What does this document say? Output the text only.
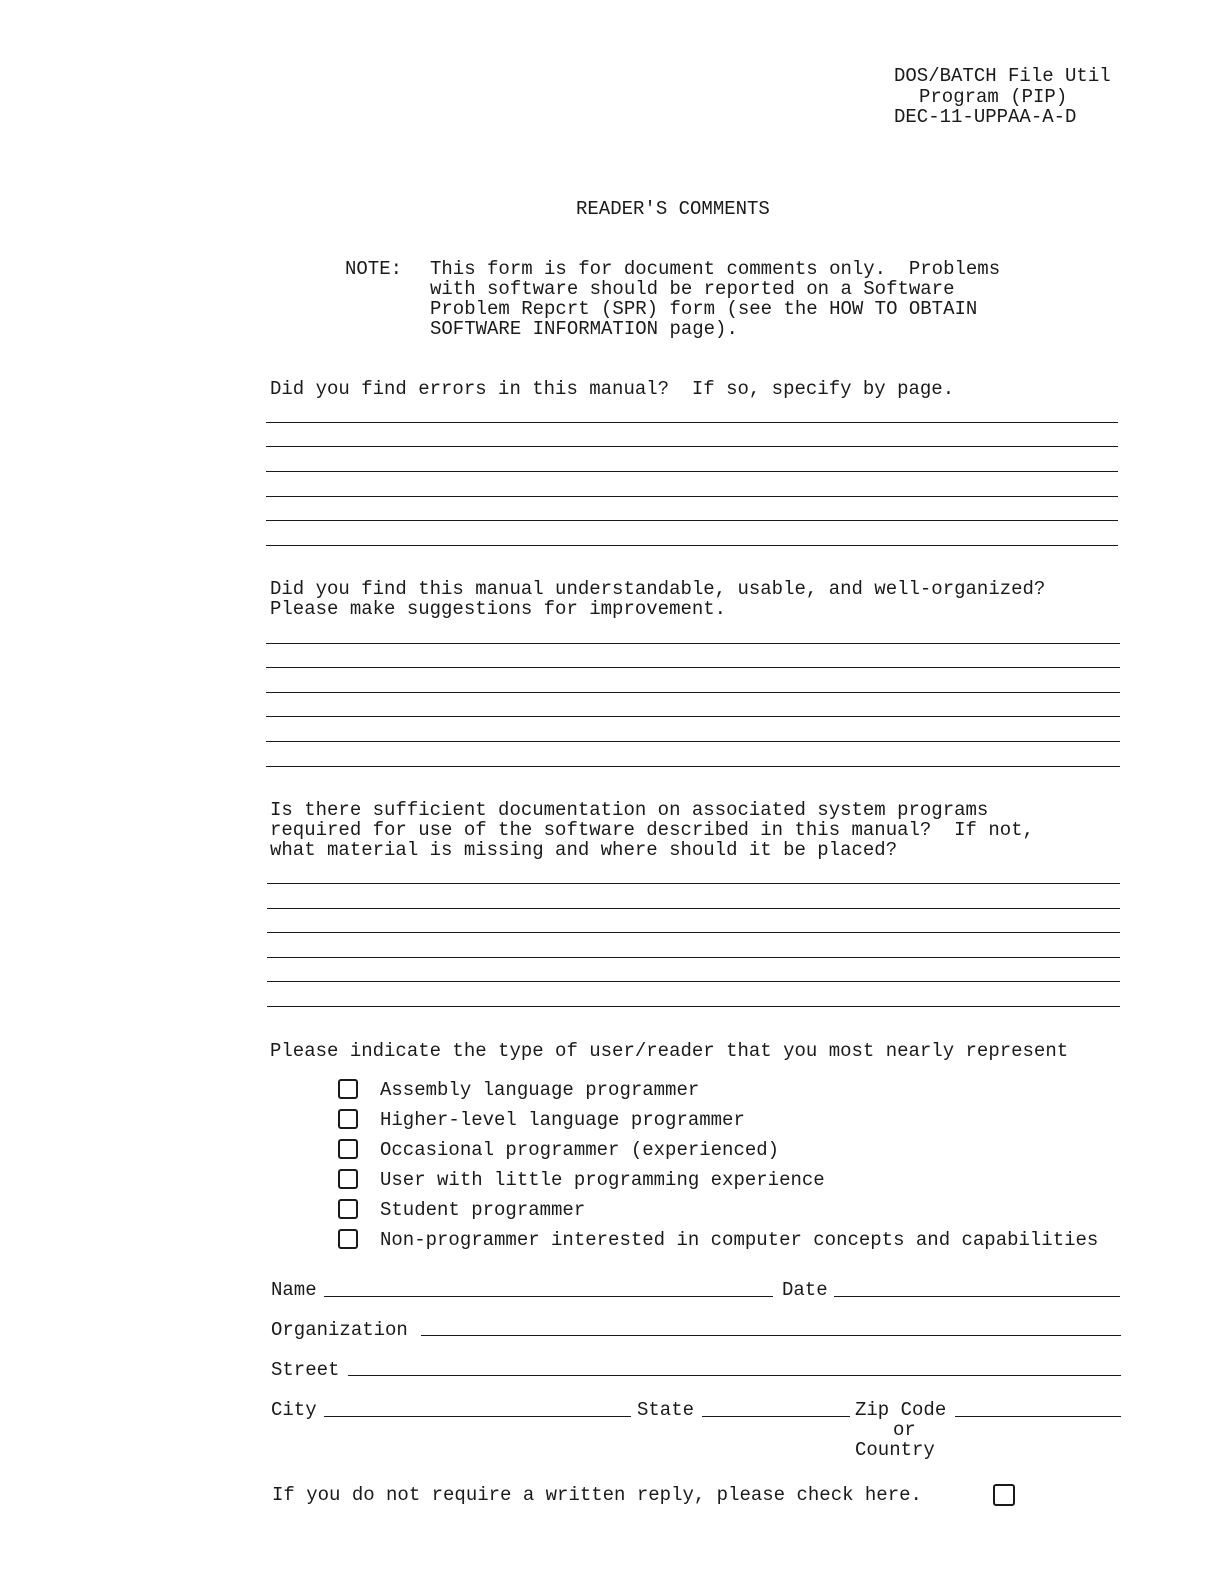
DOS/BATCH File Util
Program (PIP)
DEC-11-UPPAA-A-D
READER'S COMMENTS
NOTE: This form is for document comments only.  Problems
with software should be reported on a Software
Problem Repcrt (SPR) form (see the HOW TO OBTAIN
SOFTWARE INFORMATION page).
Did you find errors in this manual?  If so, specify by page.
Did you find this manual understandable, usable, and well-organized?
Please make suggestions for improvement.
Is there sufficient documentation on associated system programs
required for use of the software described in this manual?  If not,
what material is missing and where should it be placed?
Please indicate the type of user/reader that you most nearly represent
Assembly language programmer
Higher-level language programmer
Occasional programmer (experienced)
User with little programming experience
Student programmer
Non-programmer interested in computer concepts and capabilities
Name	Date
Organization
Street
City	State	Zip Code
or
Country
If you do not require a written reply, please check here.
